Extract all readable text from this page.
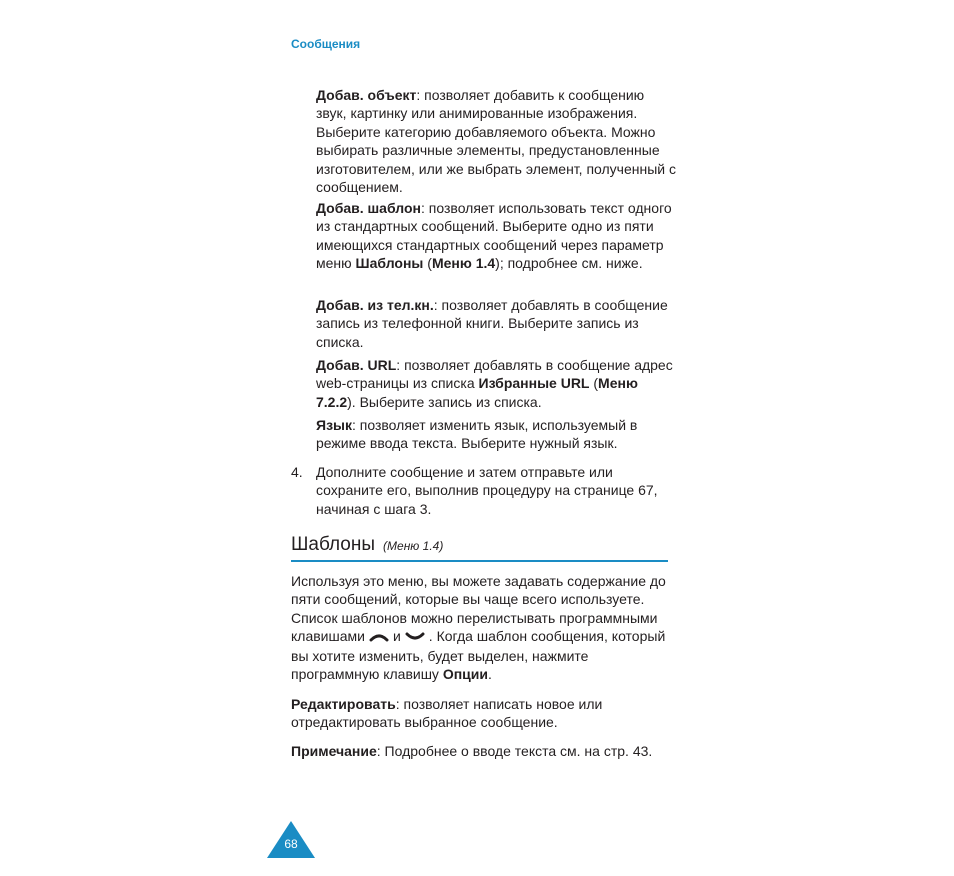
Сообщения

Добав. объект: позволяет добавить к сообщению звук, картинку или анимированные изображения. Выберите категорию добавляемого объекта. Можно выбирать различные элементы, предустановленные изготовителем, или же выбрать элемент, полученный с сообщением.

Добав. шаблон: позволяет использовать текст одного из стандартных сообщений. Выберите одно из пяти имеющихся стандартных сообщений через параметр меню Шаблоны (Меню 1.4); подробнее см. ниже.

Добав. из тел.кн.: позволяет добавлять в сообщение запись из телефонной книги. Выберите запись из списка.

Добав. URL: позволяет добавлять в сообщение адрес web-страницы из списка Избранные URL (Меню 7.2.2). Выберите запись из списка.

Язык: позволяет изменить язык, используемый в режиме ввода текста. Выберите нужный язык.

4. Дополните сообщение и затем отправьте или сохраните его, выполнив процедуру на странице 67, начиная с шага 3.

Шаблоны (Меню 1.4)

Используя это меню, вы можете задавать содержание до пяти сообщений, которые вы чаще всего используете. Список шаблонов можно перелистывать программными клавишами и . Когда шаблон сообщения, который вы хотите изменить, будет выделен, нажмите программную клавишу Опции.

Редактировать: позволяет написать новое или отредактировать выбранное сообщение.

Примечание: Подробнее о вводе текста см. на стр. 43.

68
